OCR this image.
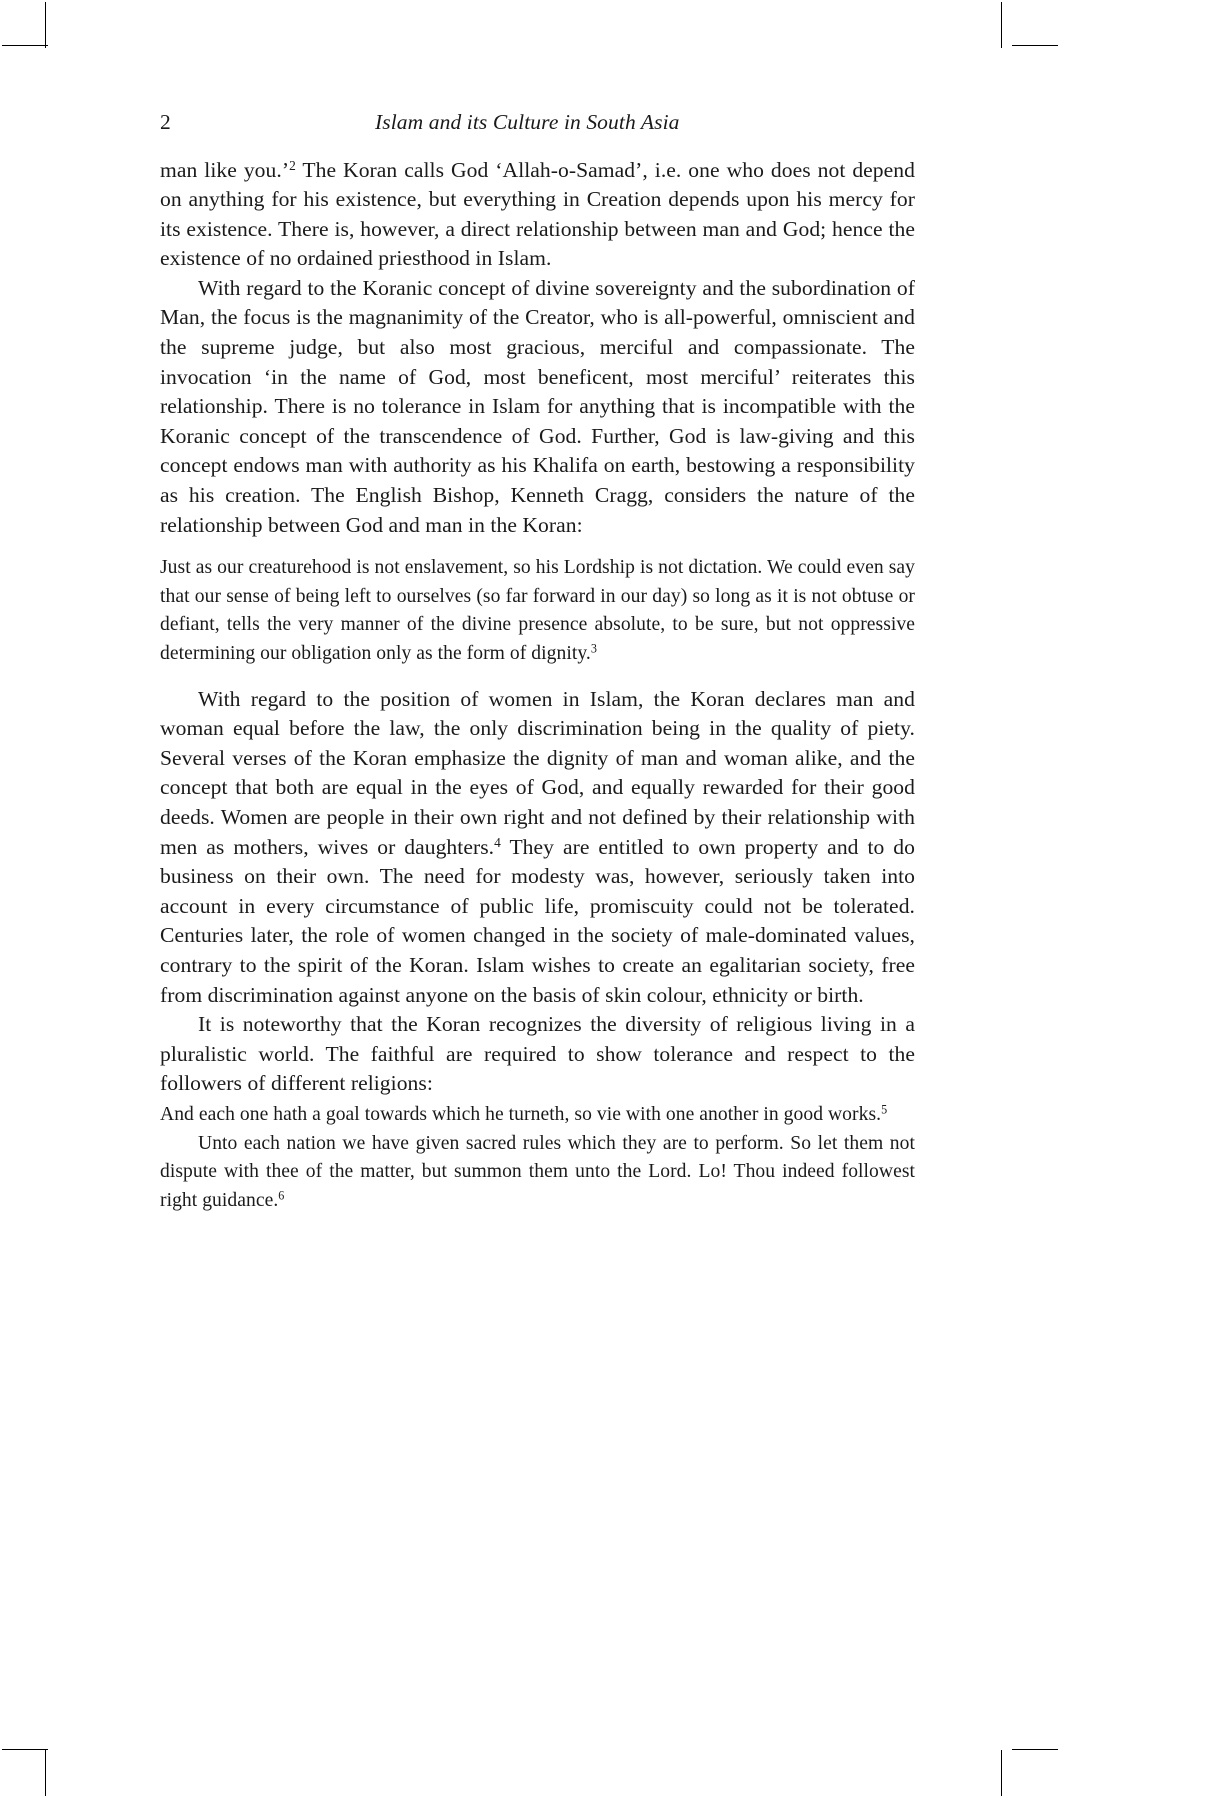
2	Islam and its Culture in South Asia

man like you.’$^2$ The Koran calls God ‘Allah-o-Samad’, i.e. one who does not depend on anything for his existence, but everything in Creation depends upon his mercy for its existence. There is, however, a direct relationship between man and God; hence the existence of no ordained priesthood in Islam.

With regard to the Koranic concept of divine sovereignty and the subordination of Man, the focus is the magnanimity of the Creator, who is all-powerful, omniscient and the supreme judge, but also most gracious, merciful and compassionate. The invocation ‘in the name of God, most beneficent, most merciful’ reiterates this relationship. There is no tolerance in Islam for anything that is incompatible with the Koranic concept of the transcendence of God. Further, God is law-giving and this concept endows man with authority as his Khalifa on earth, bestowing a responsibility as his creation. The English Bishop, Kenneth Cragg, considers the nature of the relationship between God and man in the Koran:

Just as our creaturehood is not enslavement, so his Lordship is not dictation. We could even say that our sense of being left to ourselves (so far forward in our day) so long as it is not obtuse or defiant, tells the very manner of the divine presence absolute, to be sure, but not oppressive determining our obligation only as the form of dignity.$^3$

With regard to the position of women in Islam, the Koran declares man and woman equal before the law, the only discrimination being in the quality of piety. Several verses of the Koran emphasize the dignity of man and woman alike, and the concept that both are equal in the eyes of God, and equally rewarded for their good deeds. Women are people in their own right and not defined by their relationship with men as mothers, wives or daughters.$^4$ They are entitled to own property and to do business on their own. The need for modesty was, however, seriously taken into account in every circumstance of public life, promiscuity could not be tolerated. Centuries later, the role of women changed in the society of male-dominated values, contrary to the spirit of the Koran. Islam wishes to create an egalitarian society, free from discrimination against anyone on the basis of skin colour, ethnicity or birth.

It is noteworthy that the Koran recognizes the diversity of religious living in a pluralistic world. The faithful are required to show tolerance and respect to the followers of different religions:

And each one hath a goal towards which he turneth, so vie with one another in good works.$^5$

Unto each nation we have given sacred rules which they are to perform. So let them not dispute with thee of the matter, but summon them unto the Lord. Lo! Thou indeed followest right guidance.$^6$
